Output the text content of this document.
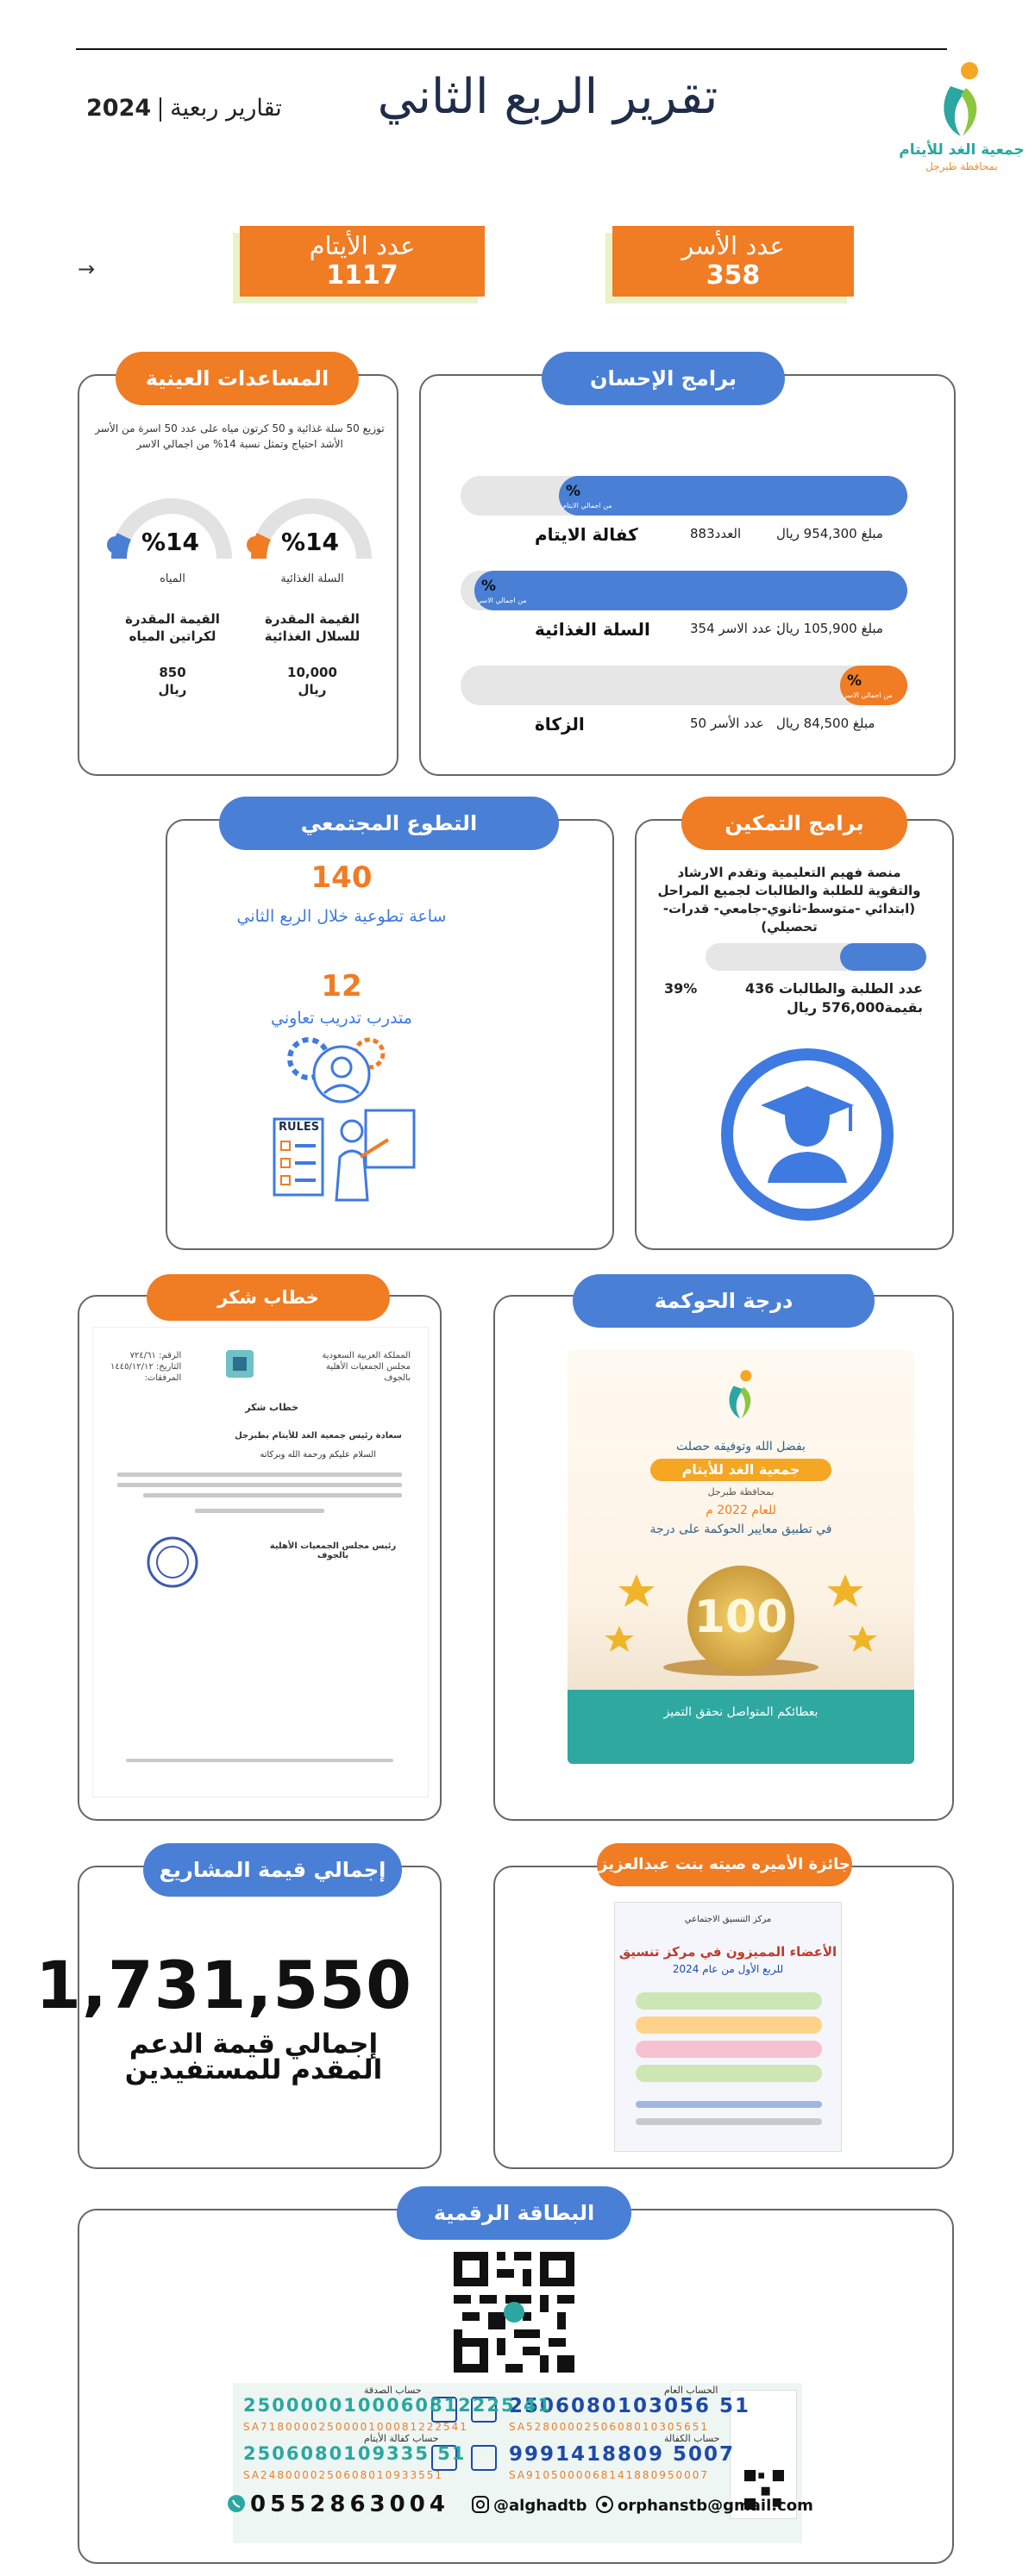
جمعية الغد للأيتام
بمحافظة طبرجل
تقرير الربع الثاني
تقارير ربعية2024
عدد الأسر
358
عدد الأيتام
1117
→
برامج الإحسان
%
من اجمالي الايتام
كفالة الايتام	مبلغ 954,300 ريال
العدد883
%
من اجمالي الاسر
السلة الغذائية	مبلغ 105,900 ريال
: عدد الاسر 354
%
من اجمالي الاسر
الزكاة	مبلغ 84,500 ريال
عدد الأسر 50
المساعدات العينية
توزيع 50 سلة غذائية و 50 كرتون مياه على عدد 50 اسرة من الأسر الأشد احتياج وتمثل نسبة 14% من اجمالي الاسر
%14
السلة الغذائية
القيمة المقدرة للسلال الغذائية
10,000
ريال
%14
المياه
القيمة المقدرة لكراتين المياه
850
ريال
برامج التمكين
منصة فهيم التعليمية وتقدم الارشاد والتقوية للطلبة والطالبات لجميع المراحل (ابتدائي -متوسط-ثانوي-جامعي- قدرات-تحصيلي)
39%	عدد الطلبة والطالبات 436
بقيمة576,000 ريال
التطوع المجتمعي
140
ساعة تطوعية خلال الربع الثاني
12
متدرب تدريب تعاوني
RULES
خطاب شكر
المملكة العربية السعودية مجلس الجمعيات الأهلية بالجوف
الرقم: ٧٢٤/٦١
التاريخ: ١٤٤٥/١٢/١٢
المرفقات:
خطاب شكر
سعادة رئيس جمعية الغد للأيتام بطبرجل
السلام عليكم ورحمة الله وبركاته
رئيس مجلس الجمعيات الأهلية بالجوف
درجة الحوكمة
بفضل الله وتوفيقه حصلت
جمعية الغد للأيتام
بمحافظة طبرجل
للعام 2022 م
في تطبيق معايير الحوكمة على درجة
100
بعطائكم المتواصل نحقق التميز
إجمالي قيمة المشاريع
1,731,550
إجمالي قيمة الدعم المقدم للمستفيدين
جائزة الأميره صيته بنت عبدالعزيز
مركز التنسيق الاجتماعي
الأعضاء المميزون في مركز تنسيق
للربع الأول من عام 2024
البطاقة الرقمية
الحساب العام
2506080103056 51
SA5280000250608010305651
حساب الصدقة
2500000100060812225 41
SA7180000250000100081222541
حساب الكفالة
9991418809 5007
SA9105000068141880950007
حساب كفالة الأيتام
2506080109335 51
SA2480000250608010933551
0552863004	@alghadtb orphanstb@gmail.com
